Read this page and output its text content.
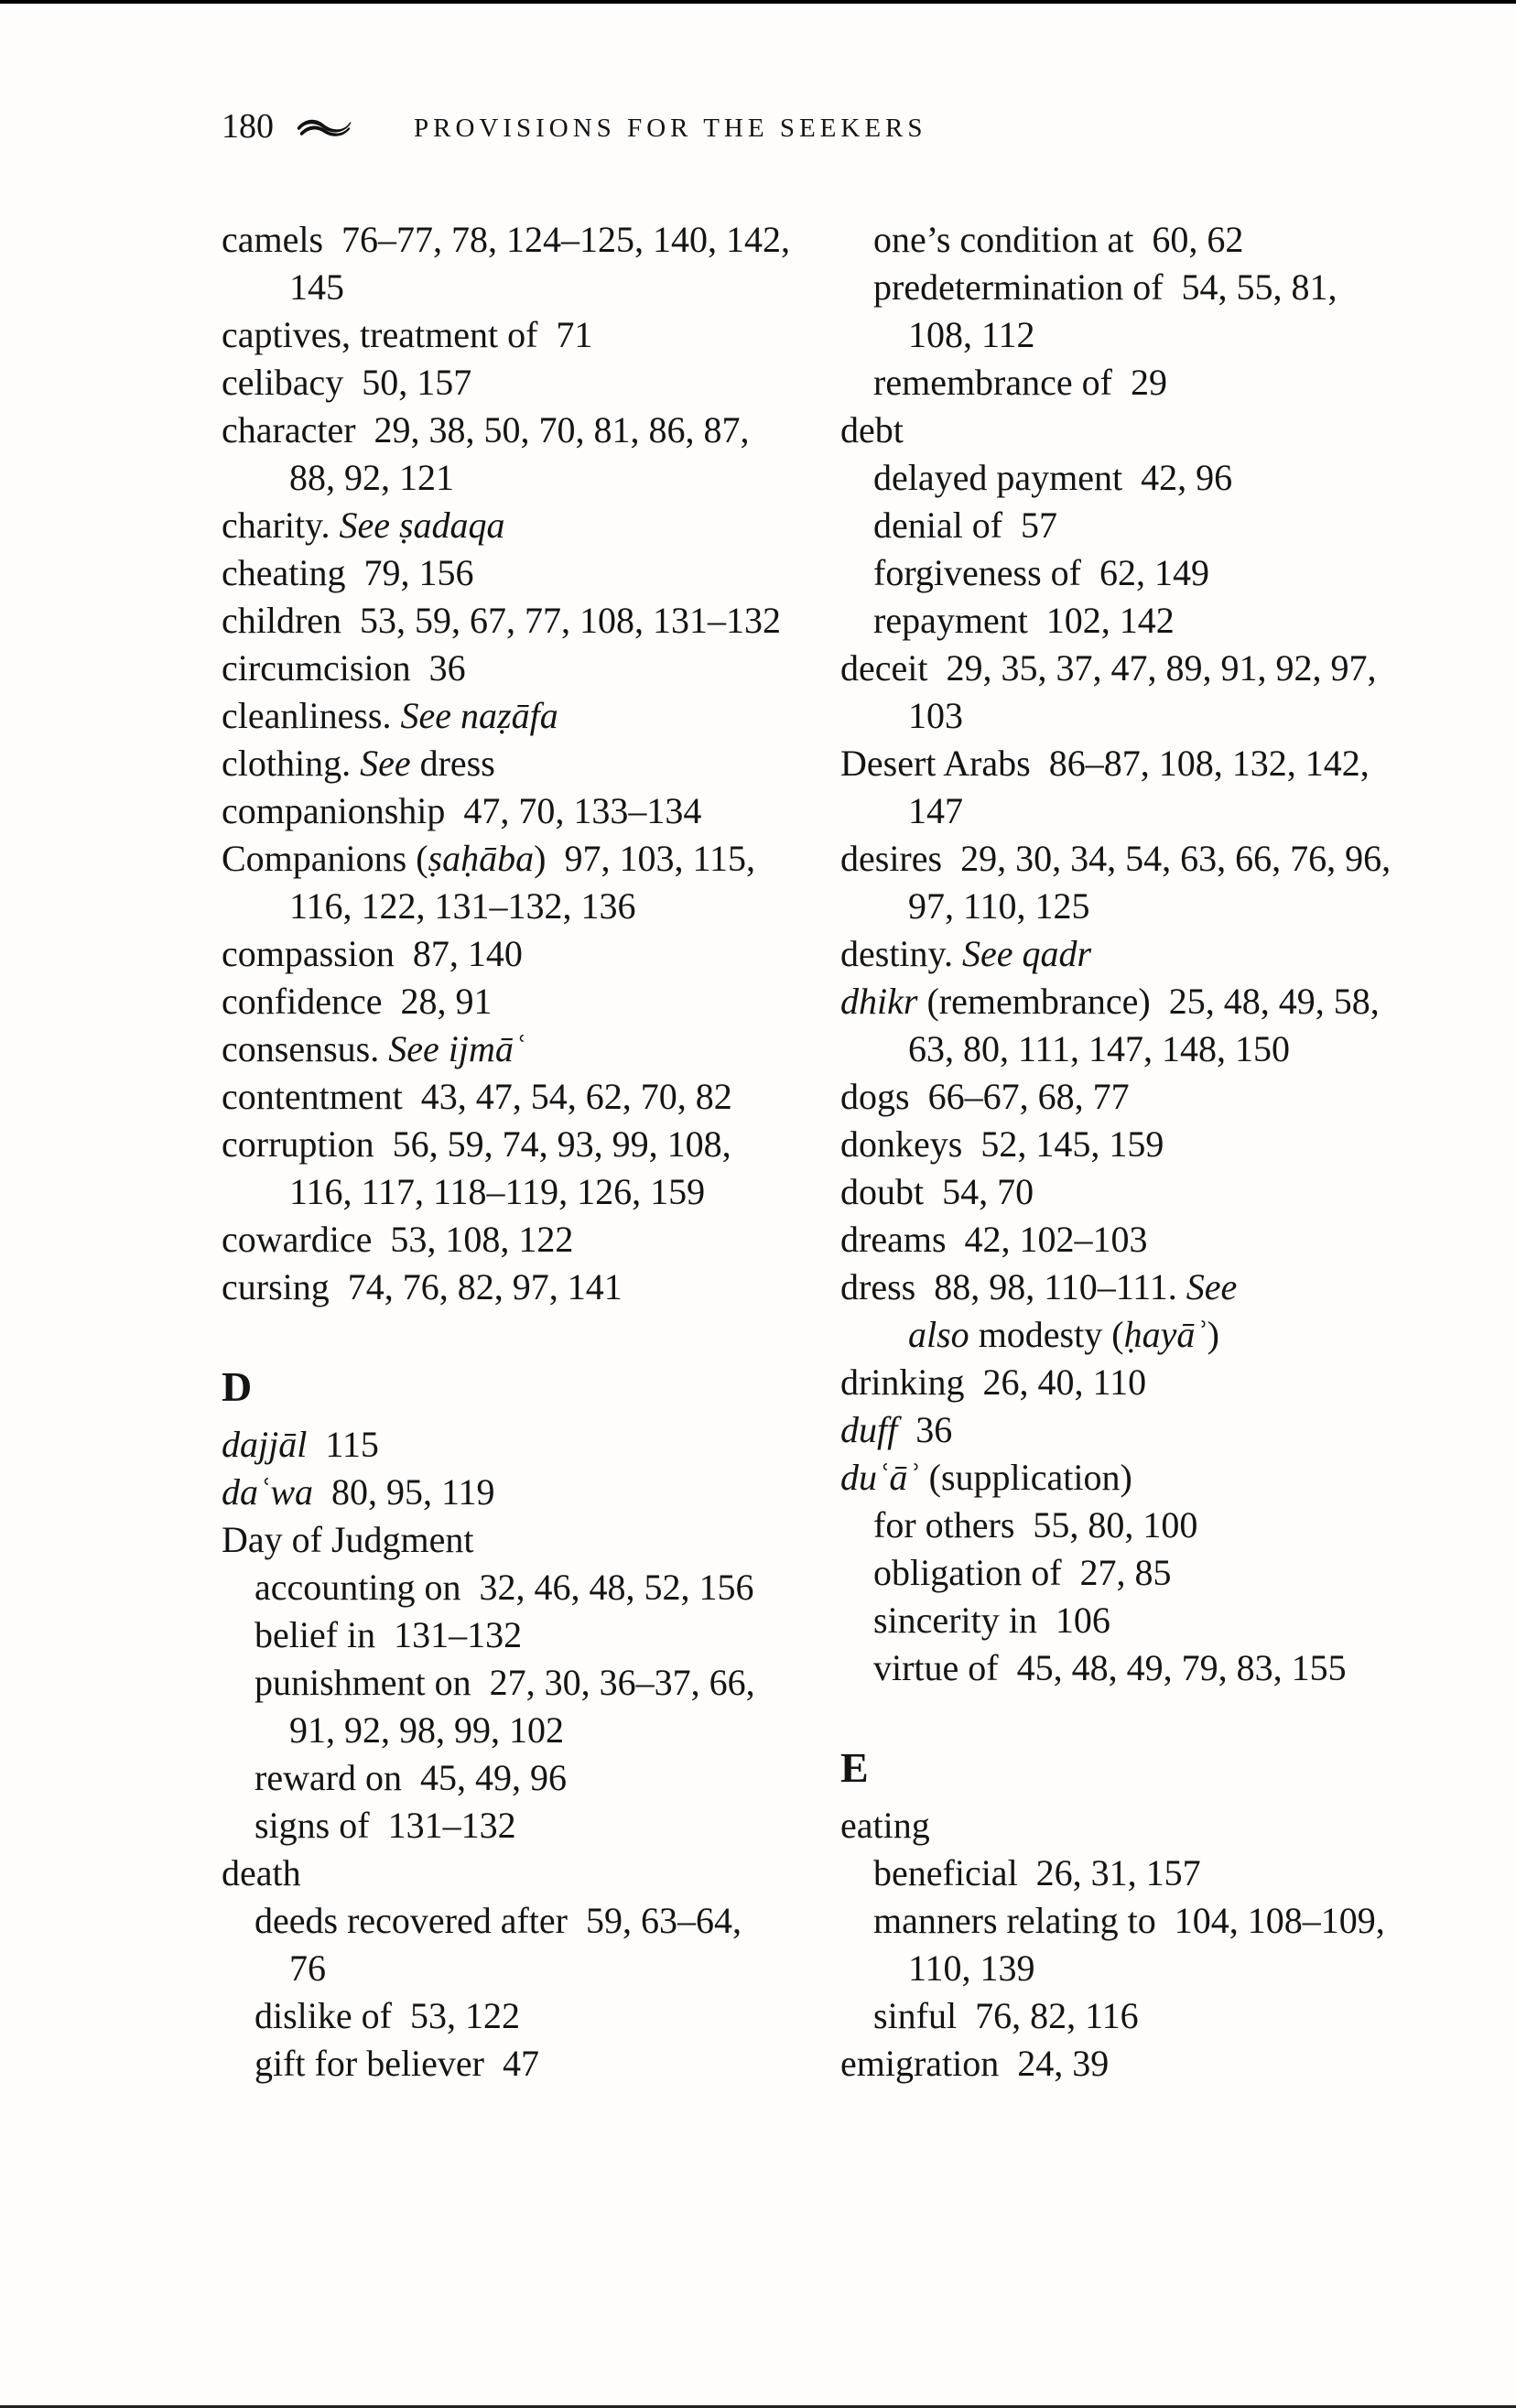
180	PROVISIONS FOR THE SEEKERS
camels 76–77, 78, 124–125, 140, 142,
145
captives, treatment of 71
celibacy 50, 157
character 29, 38, 50, 70, 81, 86, 87,
88, 92, 121
charity. See ṣadaqa
cheating 79, 156
children 53, 59, 67, 77, 108, 131–132
circumcision 36
cleanliness. See naẓāfa
clothing. See dress
companionship 47, 70, 133–134
Companions (ṣaḥāba) 97, 103, 115,
116, 122, 131–132, 136
compassion 87, 140
confidence 28, 91
consensus. See ijmāʿ
contentment 43, 47, 54, 62, 70, 82
corruption 56, 59, 74, 93, 99, 108,
116, 117, 118–119, 126, 159
cowardice 53, 108, 122
cursing 74, 76, 82, 97, 141
D
dajjāl 115
daʿwa 80, 95, 119
Day of Judgment
accounting on 32, 46, 48, 52, 156
belief in 131–132
punishment on 27, 30, 36–37, 66,
91, 92, 98, 99, 102
reward on 45, 49, 96
signs of 131–132
death
deeds recovered after 59, 63–64,
76
dislike of 53, 122
gift for believer 47
one’s condition at 60, 62
predetermination of 54, 55, 81,
108, 112
remembrance of 29
debt
delayed payment 42, 96
denial of 57
forgiveness of 62, 149
repayment 102, 142
deceit 29, 35, 37, 47, 89, 91, 92, 97,
103
Desert Arabs 86–87, 108, 132, 142,
147
desires 29, 30, 34, 54, 63, 66, 76, 96,
97, 110, 125
destiny. See qadr
dhikr (remembrance) 25, 48, 49, 58,
63, 80, 111, 147, 148, 150
dogs 66–67, 68, 77
donkeys 52, 145, 159
doubt 54, 70
dreams 42, 102–103
dress 88, 98, 110–111. See
also modesty (ḥayāʾ)
drinking 26, 40, 110
duff 36
duʿāʾ (supplication)
for others 55, 80, 100
obligation of 27, 85
sincerity in 106
virtue of 45, 48, 49, 79, 83, 155
E
eating
beneficial 26, 31, 157
manners relating to 104, 108–109,
110, 139
sinful 76, 82, 116
emigration 24, 39
